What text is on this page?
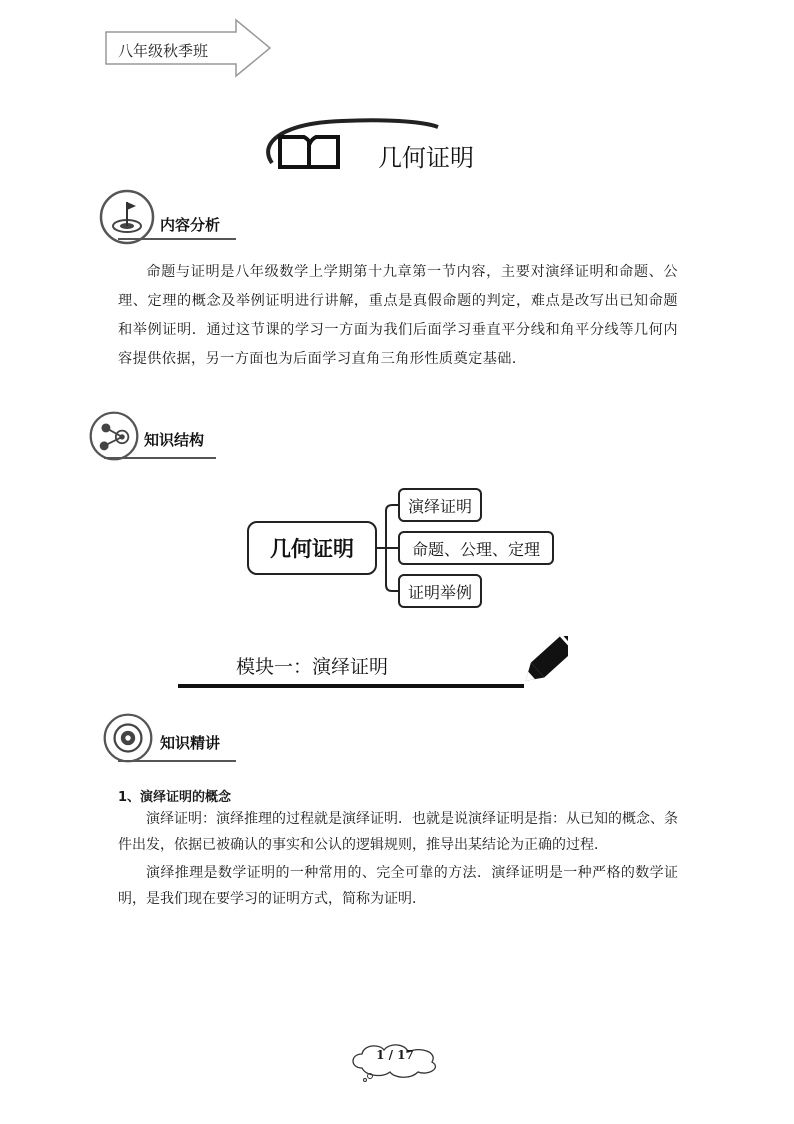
八年级秋季班
几何证明
内容分析
命题与证明是八年级数学上学期第十九章第一节内容，主要对演绎证明和命题、公理、定理的概念及举例证明进行讲解，重点是真假命题的判定，难点是改写出已知命题和举例证明．通过这节课的学习一方面为我们后面学习垂直平分线和角平分线等几何内容提供依据，另一方面也为后面学习直角三角形性质奠定基础．
知识结构
几何证明
演绎证明
命题、公理、定理
证明举例
模块一：演绎证明
知识精讲
1、演绎证明的概念
演绎证明：演绎推理的过程就是演绎证明．也就是说演绎证明是指：从已知的概念、条件出发，依据已被确认的事实和公认的逻辑规则，推导出某结论为正确的过程．
演绎推理是数学证明的一种常用的、完全可靠的方法．演绎证明是一种严格的数学证明，是我们现在要学习的证明方式，简称为证明．
1 / 17
